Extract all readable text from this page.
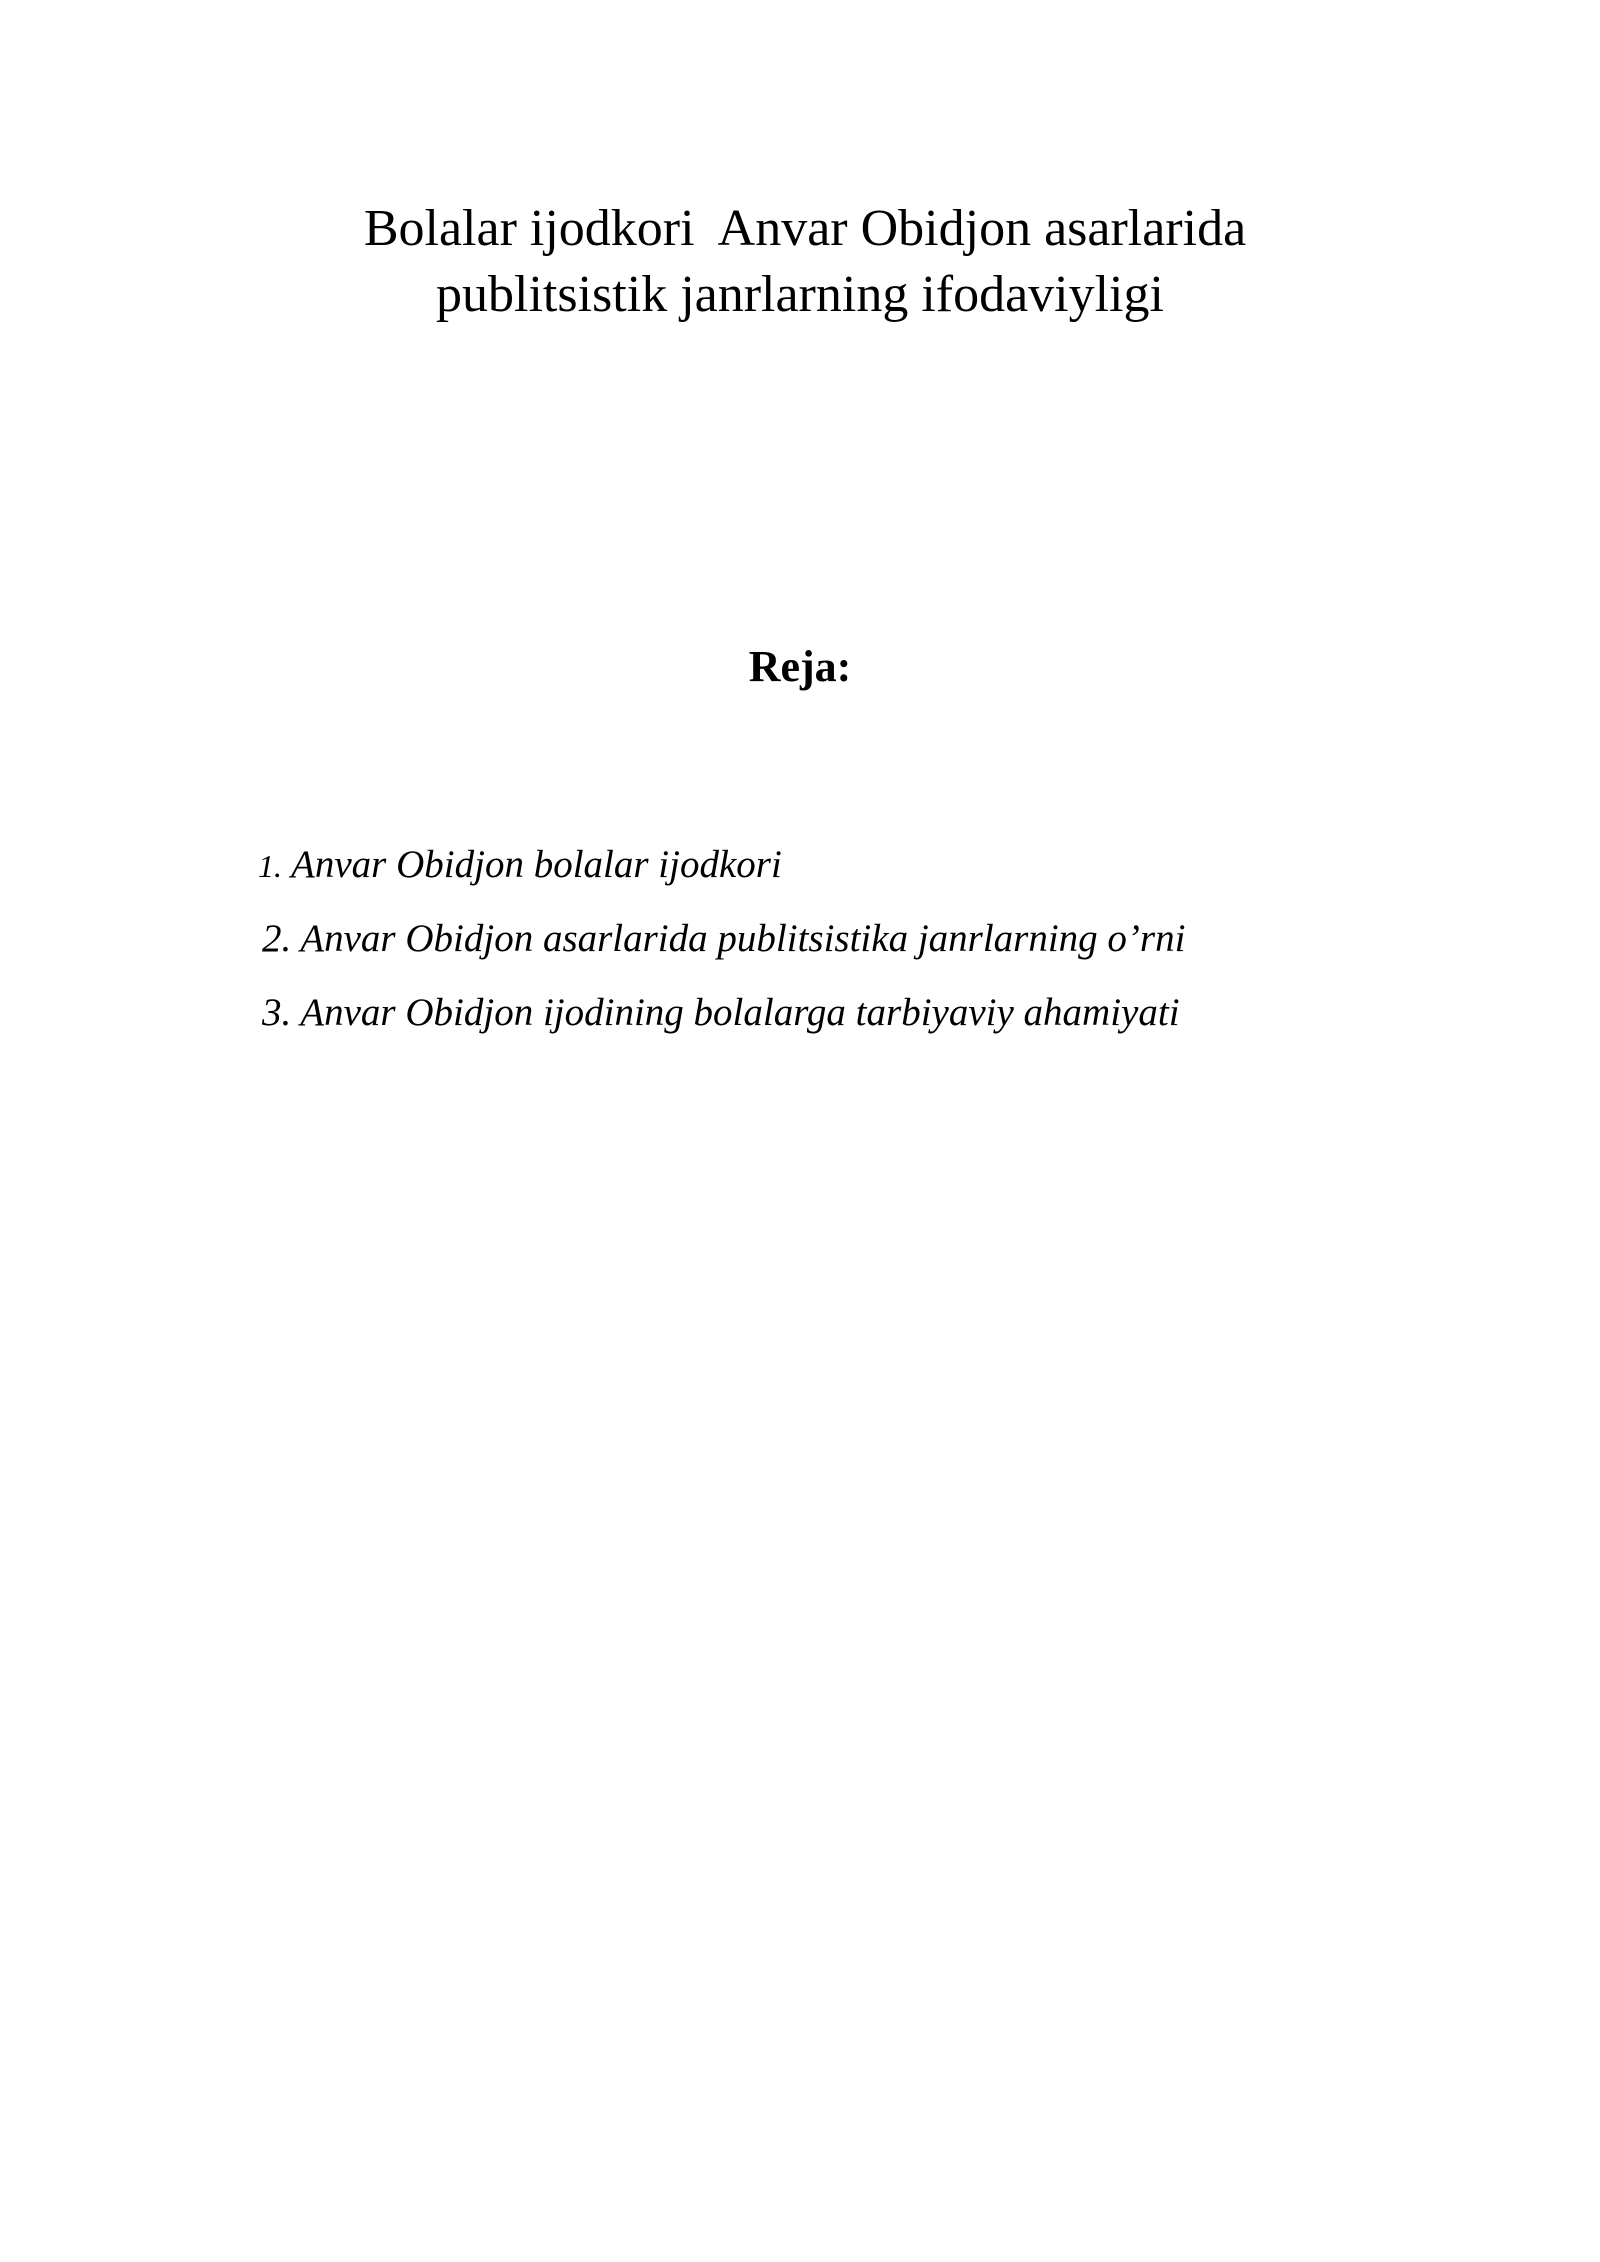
Bolalar ijodkori  Anvar Obidjon asarlarida
publitsistik janrlarning ifodaviyligi
Reja:
1. Anvar Obidjon bolalar ijodkori
2. Anvar Obidjon asarlarida publitsistika janrlarning o’rni
3. Anvar Obidjon ijodining bolalarga tarbiyaviy ahamiyati
